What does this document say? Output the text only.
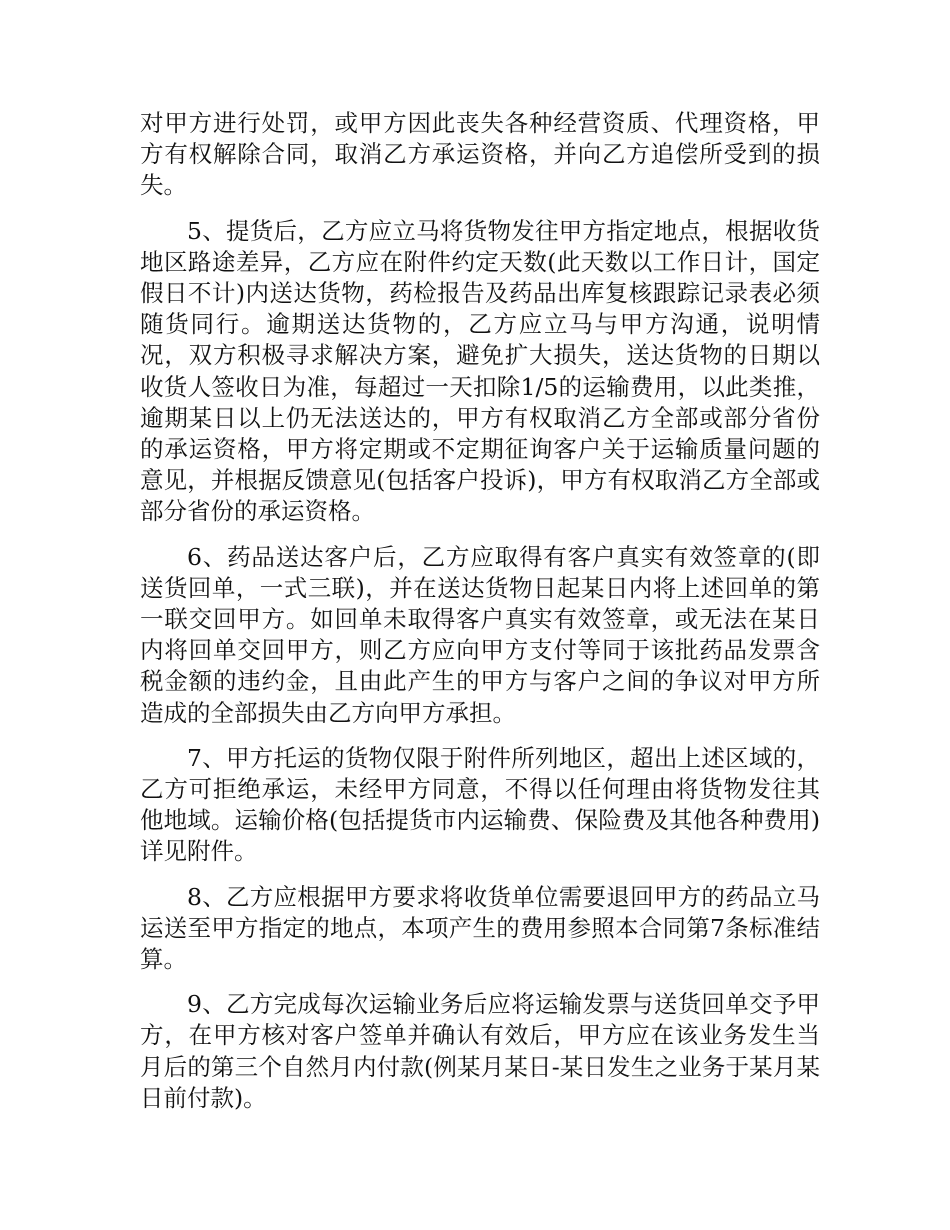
对甲方进行处罚，或甲方因此丧失各种经营资质、代理资格，甲方有权解除合同，取消乙方承运资格，并向乙方追偿所受到的损失。

5、提货后，乙方应立马将货物发往甲方指定地点，根据收货地区路途差异，乙方应在附件约定天数(此天数以工作日计，国定假日不计)内送达货物，药检报告及药品出库复核跟踪记录表必须随货同行。逾期送达货物的，乙方应立马与甲方沟通，说明情况，双方积极寻求解决方案，避免扩大损失，送达货物的日期以收货人签收日为准，每超过一天扣除1/5的运输费用，以此类推，逾期某日以上仍无法送达的，甲方有权取消乙方全部或部分省份的承运资格，甲方将定期或不定期征询客户关于运输质量问题的意见，并根据反馈意见(包括客户投诉)，甲方有权取消乙方全部或部分省份的承运资格。

6、药品送达客户后，乙方应取得有客户真实有效签章的(即送货回单，一式三联)，并在送达货物日起某日内将上述回单的第一联交回甲方。如回单未取得客户真实有效签章，或无法在某日内将回单交回甲方，则乙方应向甲方支付等同于该批药品发票含税金额的违约金，且由此产生的甲方与客户之间的争议对甲方所造成的全部损失由乙方向甲方承担。

7、甲方托运的货物仅限于附件所列地区，超出上述区域的，乙方可拒绝承运，未经甲方同意，不得以任何理由将货物发往其他地域。运输价格(包括提货市内运输费、保险费及其他各种费用)详见附件。

8、乙方应根据甲方要求将收货单位需要退回甲方的药品立马运送至甲方指定的地点，本项产生的费用参照本合同第7条标准结算。

9、乙方完成每次运输业务后应将运输发票与送货回单交予甲方，在甲方核对客户签单并确认有效后，甲方应在该业务发生当月后的第三个自然月内付款(例某月某日-某日发生之业务于某月某日前付款)。
